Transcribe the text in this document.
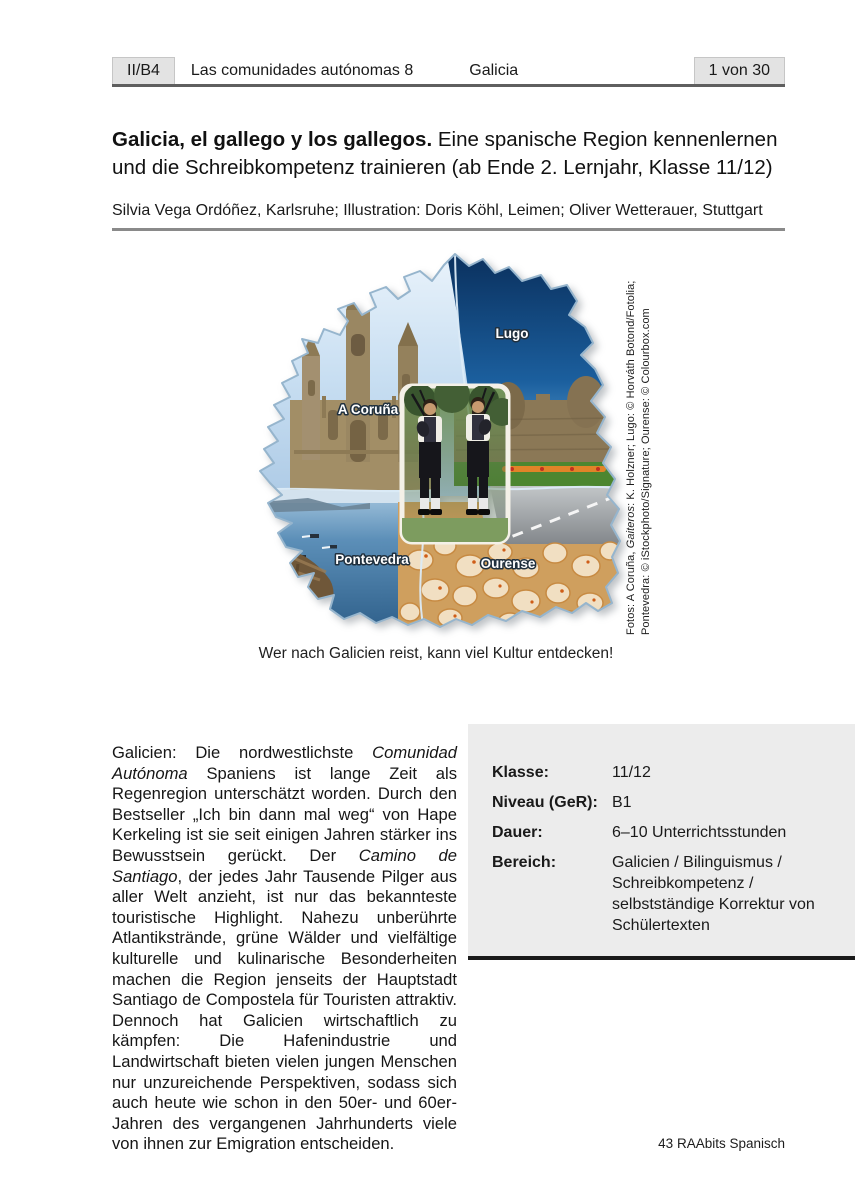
II/B4	Las comunidades autónomas 8	Galicia	1 von 30
Galicia, el gallego y los gallegos. Eine spanische Region kennenlernen und die Schreibkompetenz trainieren (ab Ende 2. Lernjahr, Klasse 11/12)
Silvia Vega Ordóñez, Karlsruhe; Illustration: Doris Köhl, Leimen; Oliver Wetterauer, Stuttgart
Lugo
A Coruña
Pontevedra	Ourense	Fotos: A Coruña, Gaiteros: K. Holzner; Lugo: © Horváth Botond/Fotolia; Pontevedra: © iStockphoto/Signature; Ourense: © Colourbox.com
Wer nach Galicien reist, kann viel Kultur entdecken!
Galicien: Die nordwestlichste Comunidad Autónoma Spaniens ist lange Zeit als Regenregion unterschätzt worden. Durch den Bestseller „Ich bin dann mal weg“ von Hape Kerkeling ist sie seit einigen Jahren stärker ins Bewusstsein gerückt. Der Camino de Santiago, der jedes Jahr Tausende Pilger aus aller Welt anzieht, ist nur das bekannteste touristische Highlight. Nahezu unberührte Atlantikstrände, grüne Wälder und vielfältige kulturelle und kulinarische Besonderheiten machen die Region jenseits der Hauptstadt Santiago de Compostela für Touristen attraktiv. Dennoch hat Galicien wirtschaftlich zu kämpfen: Die Hafenindustrie und Landwirtschaft bieten vielen jungen Menschen nur unzureichende Perspektiven, sodass sich auch heute wie schon in den 50er- und 60er-Jahren des vergangenen Jahrhunderts viele von ihnen zur Emigration entscheiden.
Klasse:	11/12
Niveau (GeR): B1
Dauer:	6–10 Unterrichtsstunden
Bereich:	Galicien / Bilinguismus / Schreibkompetenz / selbstständige Korrektur von Schülertexten
43 RAAbits Spanisch
